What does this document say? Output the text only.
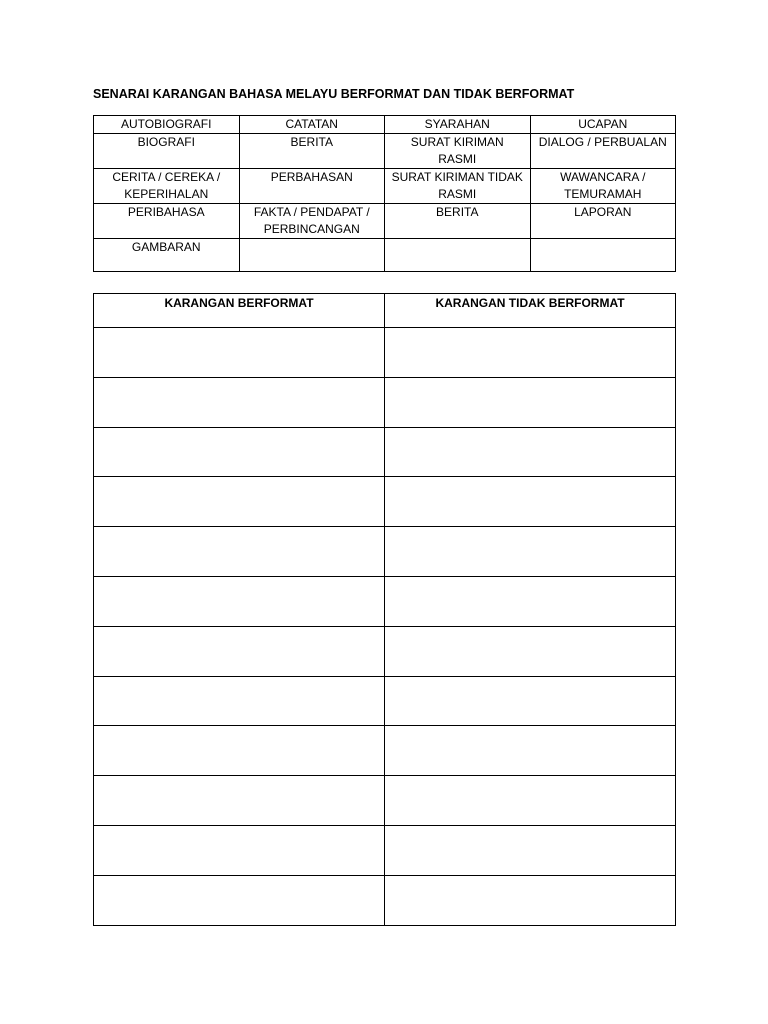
SENARAI KARANGAN BAHASA MELAYU BERFORMAT DAN TIDAK BERFORMAT
AUTOBIOGRAFI	CATATAN	SYARAHAN	UCAPAN

BIOGRAFI	BERITA	SURAT KIRIMAN RASMI	DIALOG / PERBUALAN

CERITA / CEREKA / KEPERIHALAN	PERBAHASAN	SURAT KIRIMAN TIDAK RASMI	WAWANCARA / TEMURAMAH

PERIBAHASA	FAKTA / PENDAPAT / PERBINCANGAN	BERITA	LAPORAN

GAMBARAN			

KARANGAN BERFORMAT	KARANGAN TIDAK BERFORMAT
